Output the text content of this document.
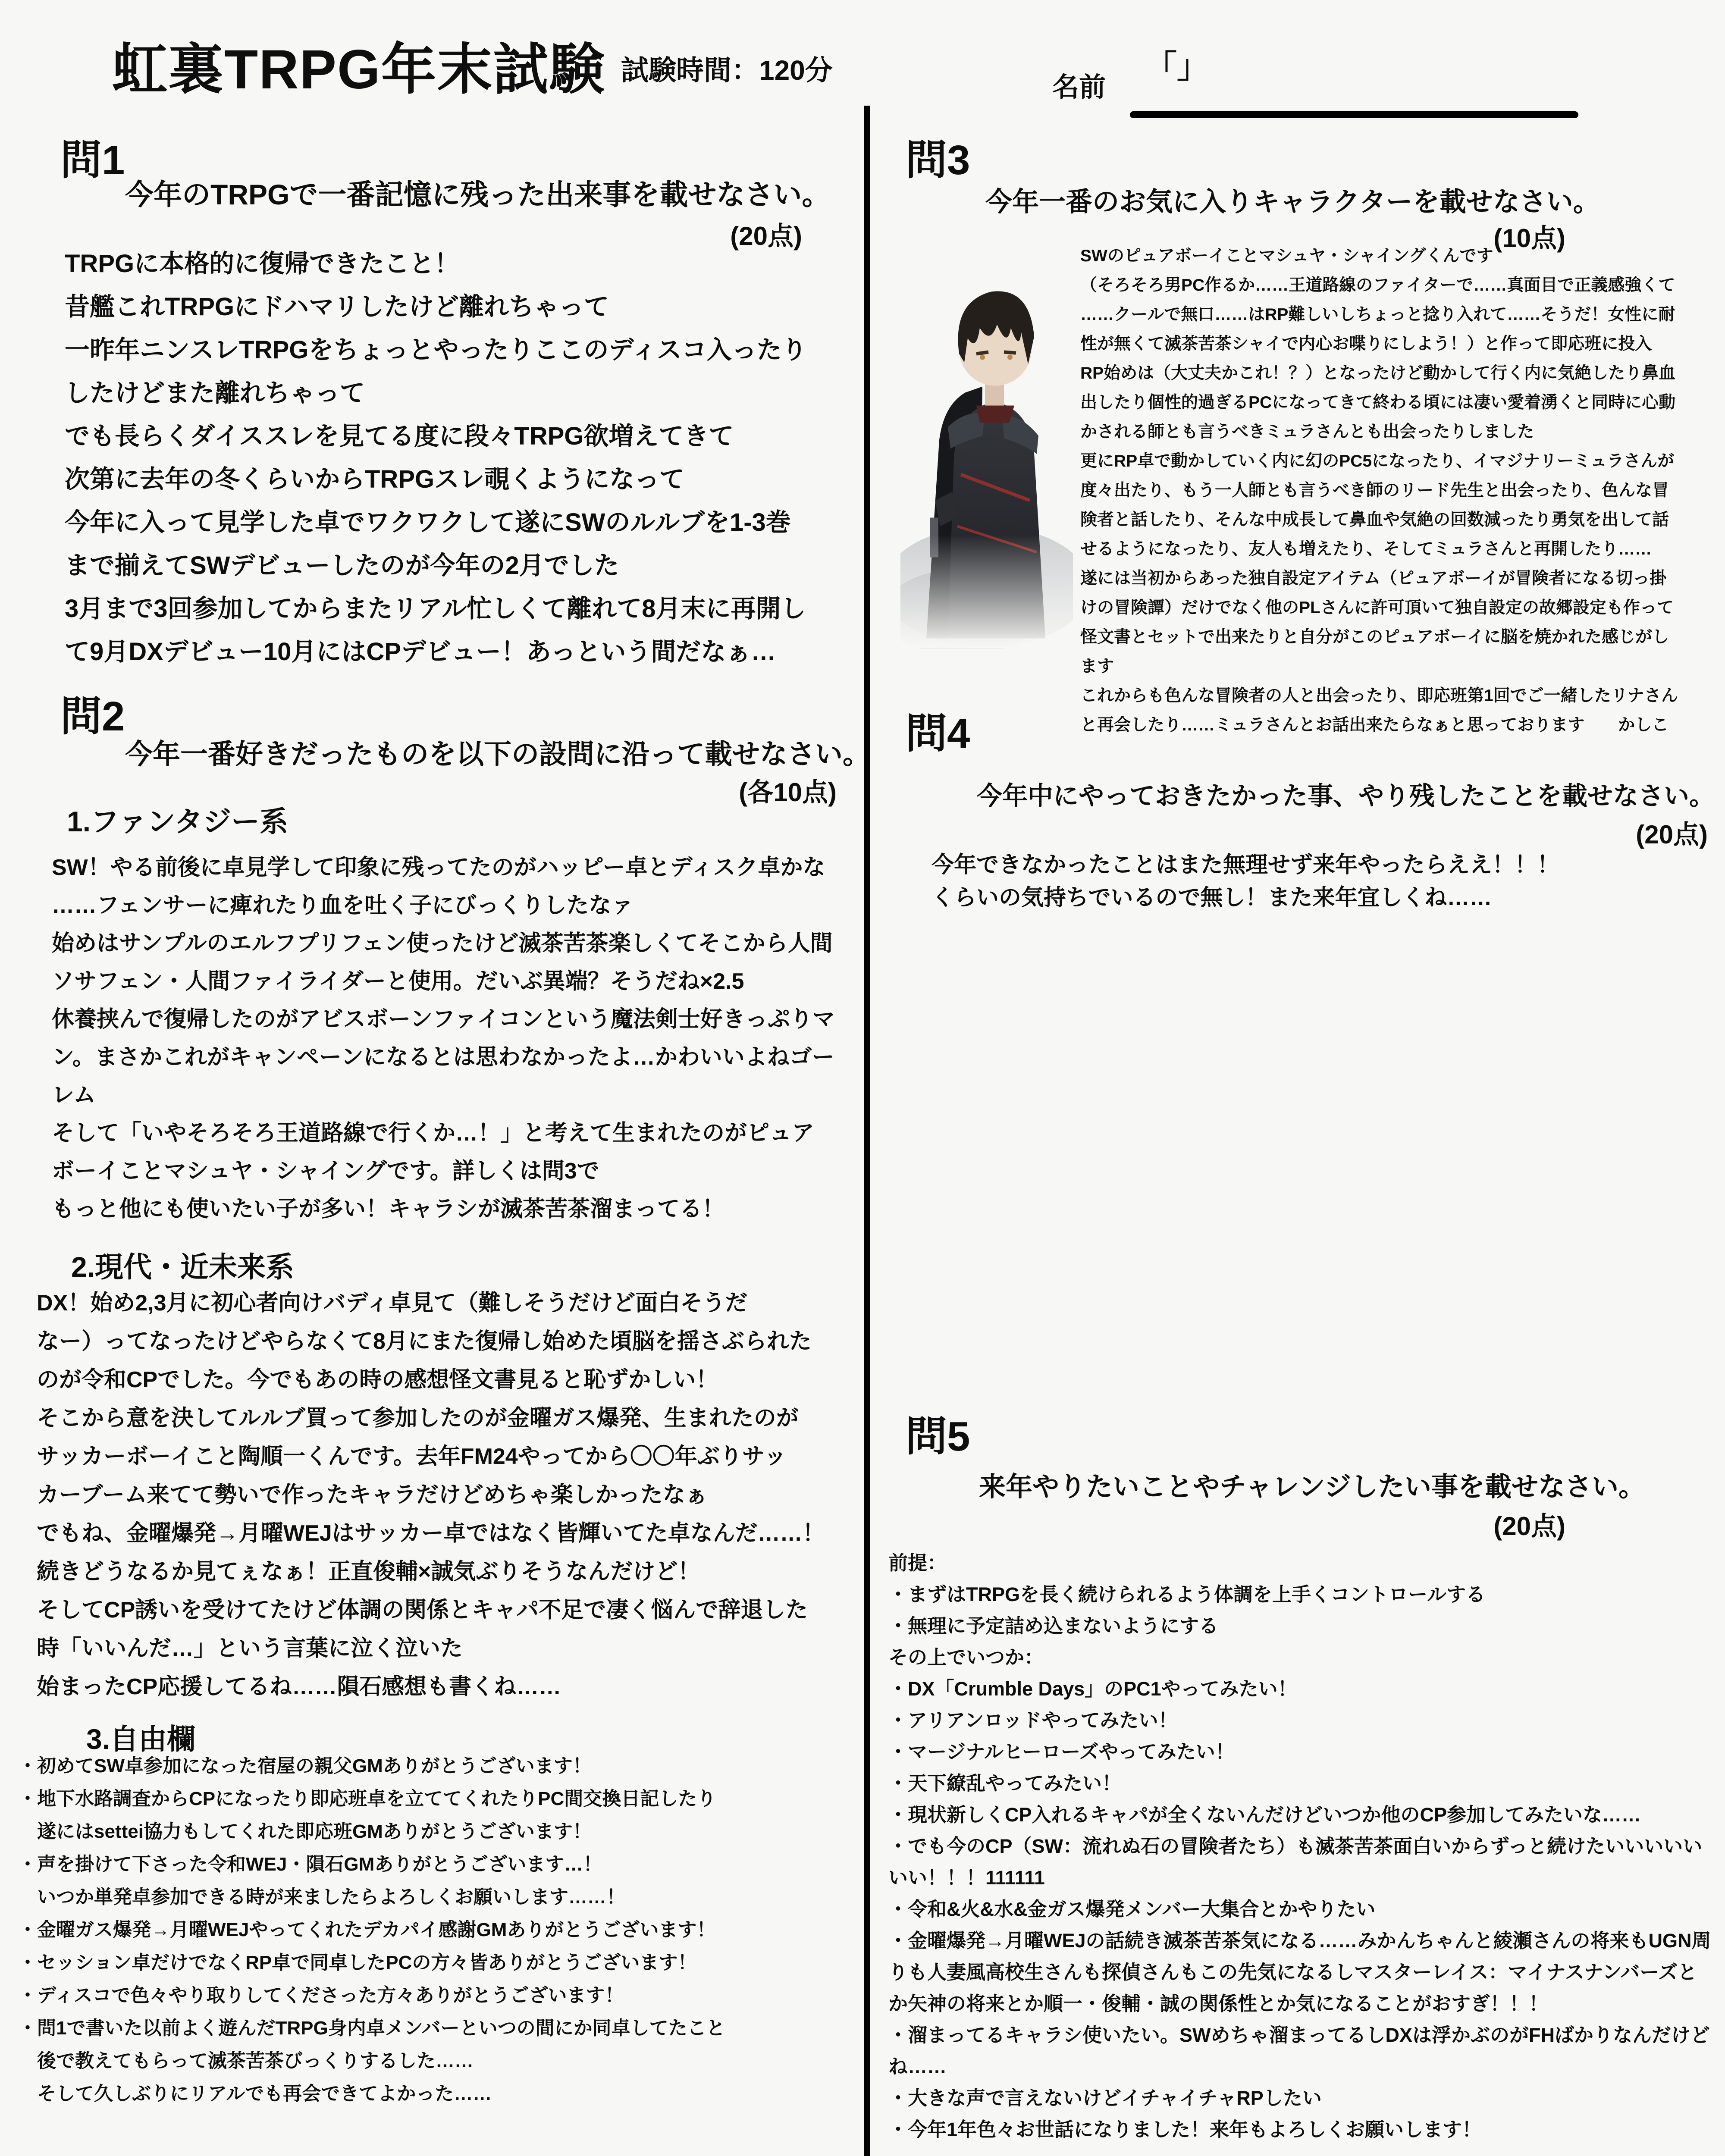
虹裏TRPG年末試験 試験時間：120分
名前
「」
問1
今年のTRPGで一番記憶に残った出来事を載せなさい。
(20点)
TRPGに本格的に復帰できたこと！
昔艦これTRPGにドハマリしたけど離れちゃって
一昨年ニンスレTRPGをちょっとやったりここのディスコ入ったり
したけどまた離れちゃって
でも長らくダイススレを見てる度に段々TRPG欲増えてきて
次第に去年の冬くらいからTRPGスレ覗くようになって
今年に入って見学した卓でワクワクして遂にSWのルルブを1-3巻
まで揃えてSWデビューしたのが今年の2月でした
3月まで3回参加してからまたリアル忙しくて離れて8月末に再開し
て9月DXデビュー10月にはCPデビュー！あっという間だなぁ…
問2
今年一番好きだったものを以下の設問に沿って載せなさい。
(各10点)
1.ファンタジー系
SW！やる前後に卓見学して印象に残ってたのがハッピー卓とディスク卓かな
……フェンサーに痺れたり血を吐く子にびっくりしたなァ
始めはサンプルのエルフプリフェン使ったけど滅茶苦茶楽しくてそこから人間
ソサフェン・人間ファイライダーと使用。だいぶ異端？そうだね×2.5
休養挟んで復帰したのがアビスボーンファイコンという魔法剣士好きっぷりマ
ン。まさかこれがキャンペーンになるとは思わなかったよ…かわいいよねゴー
レム
そして「いやそろそろ王道路線で行くか…！」と考えて生まれたのがピュア
ボーイことマシュヤ・シャイングです。詳しくは問3で
もっと他にも使いたい子が多い！キャラシが滅茶苦茶溜まってる！
2.現代・近未来系
DX！始め2,3月に初心者向けバディ卓見て（難しそうだけど面白そうだ
なー）ってなったけどやらなくて8月にまた復帰し始めた頃脳を揺さぶられた
のが令和CPでした。今でもあの時の感想怪文書見ると恥ずかしい！
そこから意を決してルルブ買って参加したのが金曜ガス爆発、生まれたのが
サッカーボーイこと陶順一くんです。去年FM24やってから〇〇年ぶりサッ
カーブーム来てて勢いで作ったキャラだけどめちゃ楽しかったなぁ
でもね、金曜爆発→月曜WEJはサッカー卓ではなく皆輝いてた卓なんだ……！
続きどうなるか見てぇなぁ！正直俊輔×誠気ぶりそうなんだけど！
そしてCP誘いを受けてたけど体調の関係とキャパ不足で凄く悩んで辞退した
時「いいんだ…」という言葉に泣く泣いた
始まったCP応援してるね……隕石感想も書くね……
3.自由欄
・初めてSW卓参加になった宿屋の親父GMありがとうございます！
・地下水路調査からCPになったり即応班卓を立ててくれたりPC間交換日記したり
　遂にはsettei協力もしてくれた即応班GMありがとうございます！
・声を掛けて下さった令和WEJ・隕石GMありがとうございます…！
　いつか単発卓参加できる時が来ましたらよろしくお願いします……！
・金曜ガス爆発→月曜WEJやってくれたデカパイ感謝GMありがとうございます！
・セッション卓だけでなくRP卓で同卓したPCの方々皆ありがとうございます！
・ディスコで色々やり取りしてくださった方々ありがとうございます！
・問1で書いた以前よく遊んだTRPG身内卓メンバーといつの間にか同卓してたこと
　後で教えてもらって滅茶苦茶びっくりするした……
　そして久しぶりにリアルでも再会できてよかった……
問3
今年一番のお気に入りキャラクターを載せなさい。
(10点)
SWのピュアボーイことマシュヤ・シャイングくんです
（そろそろ男PC作るか……王道路線のファイターで……真面目で正義感強くて
……クールで無口……はRP難しいしちょっと捻り入れて……そうだ！女性に耐
性が無くて滅茶苦茶シャイで内心お喋りにしよう！）と作って即応班に投入
RP始めは（大丈夫かこれ！？）となったけど動かして行く内に気絶したり鼻血
出したり個性的過ぎるPCになってきて終わる頃には凄い愛着湧くと同時に心動
かされる師とも言うべきミュラさんとも出会ったりしました
更にRP卓で動かしていく内に幻のPC5になったり、イマジナリーミュラさんが
度々出たり、もう一人師とも言うべき師のリード先生と出会ったり、色んな冒
険者と話したり、そんな中成長して鼻血や気絶の回数減ったり勇気を出して話
せるようになったり、友人も増えたり、そしてミュラさんと再開したり……
遂には当初からあった独自設定アイテム（ピュアボーイが冒険者になる切っ掛
けの冒険譚）だけでなく他のPLさんに許可頂いて独自設定の故郷設定も作って
怪文書とセットで出来たりと自分がこのピュアボーイに脳を焼かれた感じがし
ます
これからも色んな冒険者の人と出会ったり、即応班第1回でご一緒したリナさん
と再会したり……ミュラさんとお話出来たらなぁと思っております　　かしこ
問4
今年中にやっておきたかった事、やり残したことを載せなさい。
(20点)
今年できなかったことはまた無理せず来年やったらええ！！！
くらいの気持ちでいるので無し！また来年宜しくね……
問5
来年やりたいことやチャレンジしたい事を載せなさい。
(20点)
前提：
・まずはTRPGを長く続けられるよう体調を上手くコントロールする
・無理に予定詰め込まないようにする
その上でいつか：
・DX「Crumble Days」のPC1やってみたい！
・アリアンロッドやってみたい！
・マージナルヒーローズやってみたい！
・天下繚乱やってみたい！
・現状新しくCP入れるキャパが全くないんだけどいつか他のCP参加してみたいな……
・でも今のCP（SW：流れぬ石の冒険者たち）も滅茶苦茶面白いからずっと続けたいいいいい
いい！！！111111
・令和&火&水&金ガス爆発メンバー大集合とかやりたい
・金曜爆発→月曜WEJの話続き滅茶苦茶気になる……みかんちゃんと綾瀬さんの将来もUGN周
りも人妻風高校生さんも探偵さんもこの先気になるしマスターレイス：マイナスナンバーズと
か矢神の将来とか順一・俊輔・誠の関係性とか気になることがおすぎ！！！
・溜まってるキャラシ使いたい。SWめちゃ溜まってるしDXは浮かぶのがFHばかりなんだけど
ね……
・大きな声で言えないけどイチャイチャRPしたい
・今年1年色々お世話になりました！来年もよろしくお願いします！
